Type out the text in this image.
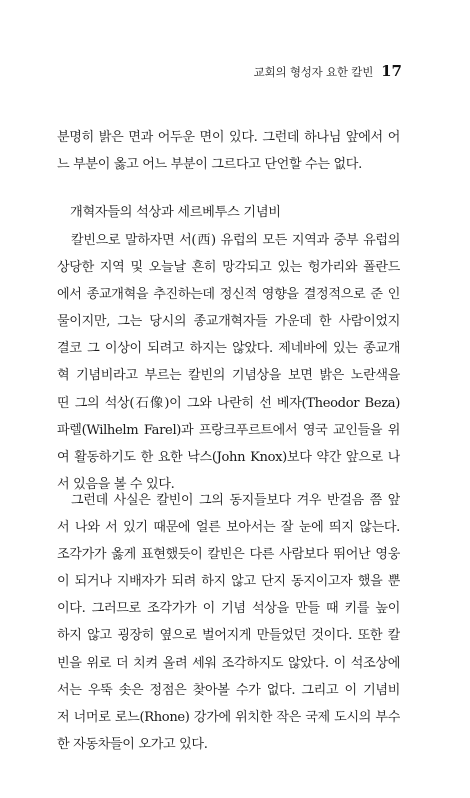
교회의 형성자 요한 칼빈 17
분명히 밝은 면과 어두운 면이 있다. 그런데 하나님 앞에서 어
느 부분이 옳고 어느 부분이 그르다고 단언할 수는 없다.
개혁자들의 석상과 세르베투스 기념비
칼빈으로 말하자면 서(西) 유럽의 모든 지역과 중부 유럽의
상당한 지역 및 오늘날 흔히 망각되고 있는 헝가리와 폴란드
에서 종교개혁을 추진하는데 정신적 영향을 결정적으로 준 인
물이지만, 그는 당시의 종교개혁자들 가운데 한 사람이었지
결코 그 이상이 되려고 하지는 않았다. 제네바에 있는 종교개
혁 기념비라고 부르는 칼빈의 기념상을 보면 밝은 노란색을
띤 그의 석상(石像)이 그와 나란히 선 베자(Theodor Beza)
파렐(Wilhelm Farel)과 프랑크푸르트에서 영국 교인들을 위
여 활동하기도 한 요한 낙스(John Knox)보다 약간 앞으로 나
서 있음을 볼 수 있다.
그런데 사실은 칼빈이 그의 동지들보다 겨우 반걸음 쯤 앞
서 나와 서 있기 때문에 얼른 보아서는 잘 눈에 띄지 않는다.
조각가가 옳게 표현했듯이 칼빈은 다른 사람보다 뛰어난 영웅
이 되거나 지배자가 되려 하지 않고 단지 동지이고자 했을 뿐
이다. 그러므로 조각가가 이 기념 석상을 만들 때 키를 높이
하지 않고 굉장히 옆으로 벌어지게 만들었던 것이다. 또한 칼
빈을 위로 더 치켜 올려 세워 조각하지도 않았다. 이 석조상에
서는 우뚝 솟은 정점은 찾아볼 수가 없다. 그리고 이 기념비
저 너머로 로느(Rhone) 강가에 위치한 작은 국제 도시의 부수
한 자동차들이 오가고 있다.
